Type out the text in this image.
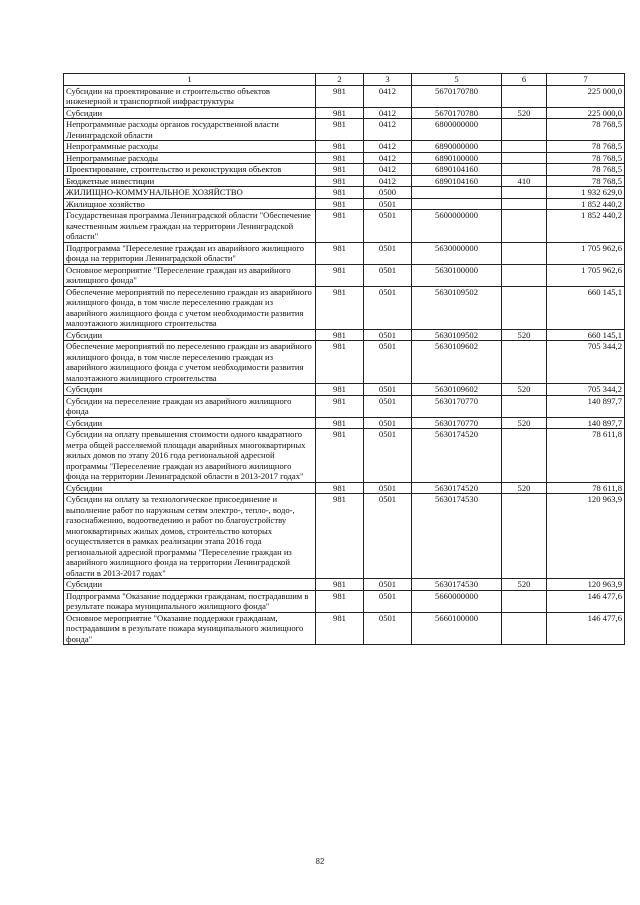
1	2	3	5	6	7
Субсидии на проектирование и строительство объектов инженерной и транспортной инфраструктуры	981	0412	5670170780		225 000,0
Субсидии	981	0412	5670170780	520	225 000,0
Непрограммные расходы органов государственной власти Ленинградской области	981	0412	6800000000		78 768,5
Непрограммные расходы	981	0412	6890000000		78 768,5
Непрограммные расходы	981	0412	6890100000		78 768,5
Проектирование, строительство и реконструкция объектов	981	0412	6890104160		78 768,5
Бюджетные инвестиции	981	0412	6890104160	410	78 768,5
ЖИЛИЩНО-КОММУНАЛЬНОЕ ХОЗЯЙСТВО	981	0500			1 932 629,0
Жилищное хозяйство	981	0501			1 852 440,2
Государственная программа Ленинградской области "Обеспечение качественным жильем граждан на территории Ленинградской области"	981	0501	5600000000		1 852 440,2
Подпрограмма "Переселение граждан из аварийного жилищного фонда на территории Ленинградской области"	981	0501	5630000000		1 705 962,6
Основное мероприятие "Переселение граждан из аварийного жилищного фонда"	981	0501	5630100000		1 705 962,6
Обеспечение мероприятий по переселению граждан из аварийного жилищного фонда, в том числе переселению граждан из аварийного жилищного фонда с учетом необходимости развития малоэтажного жилищного строительства	981	0501	5630109502		660 145,1
Субсидии	981	0501	5630109502	520	660 145,1
Обеспечение мероприятий по переселению граждан из аварийного жилищного фонда, в том числе переселению граждан из аварийного жилищного фонда с учетом необходимости развития малоэтажного жилищного строительства	981	0501	5630109602		705 344,2
Субсидии	981	0501	5630109602	520	705 344,2
Субсидии на переселение граждан из аварийного жилищного фонда	981	0501	5630170770		140 897,7
Субсидии	981	0501	5630170770	520	140 897,7
Субсидии на оплату превышения стоимости одного квадратного метра общей расселяемой площади аварийных многоквартирных жилых домов по этапу 2016 года региональной адресной программы "Переселение граждан из аварийного жилищного фонда на территории Ленинградской области в 2013-2017 годах"	981	0501	5630174520		78 611,8
Субсидии	981	0501	5630174520	520	78 611,8
Субсидии на оплату за технологическое присоединение и выполнение работ по наружным сетям электро-, тепло-, водо-, газоснабжению, водоотведению и работ по благоустройству многоквартирных жилых домов, строительство которых осуществляется в рамках реализации этапа 2016 года региональной адресной программы "Переселение граждан из аварийного жилищного фонда на территории Ленинградской области в 2013-2017 годах"	981	0501	5630174530		120 963,9
Субсидии	981	0501	5630174530	520	120 963,9
Подпрограмма "Оказание поддержки гражданам, пострадавшим в результате пожара муниципального жилищного фонда"	981	0501	5660000000		146 477,6
Основное мероприятие "Оказание поддержки гражданам, пострадавшим в результате пожара муниципального жилищного фонда"	981	0501	5660100000		146 477,6
82
